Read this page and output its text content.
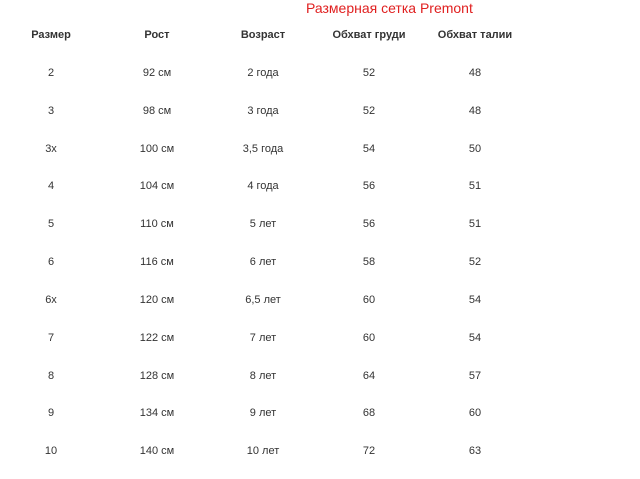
Размерная сетка Premont
Размер	Рост	Возраст	Обхват груди	Обхват талии
2	92 см	2 года	52	48
3	98 см	3 года	52	48
3х	100 см	3,5 года	54	50
4	104 см	4 года	56	51
5	110 см	5 лет	56	51
6	116 см	6 лет	58	52
6х	120 см	6,5 лет	60	54
7	122 см	7 лет	60	54
8	128 см	8 лет	64	57
9	134 см	9 лет	68	60
10	140 см	10 лет	72	63
